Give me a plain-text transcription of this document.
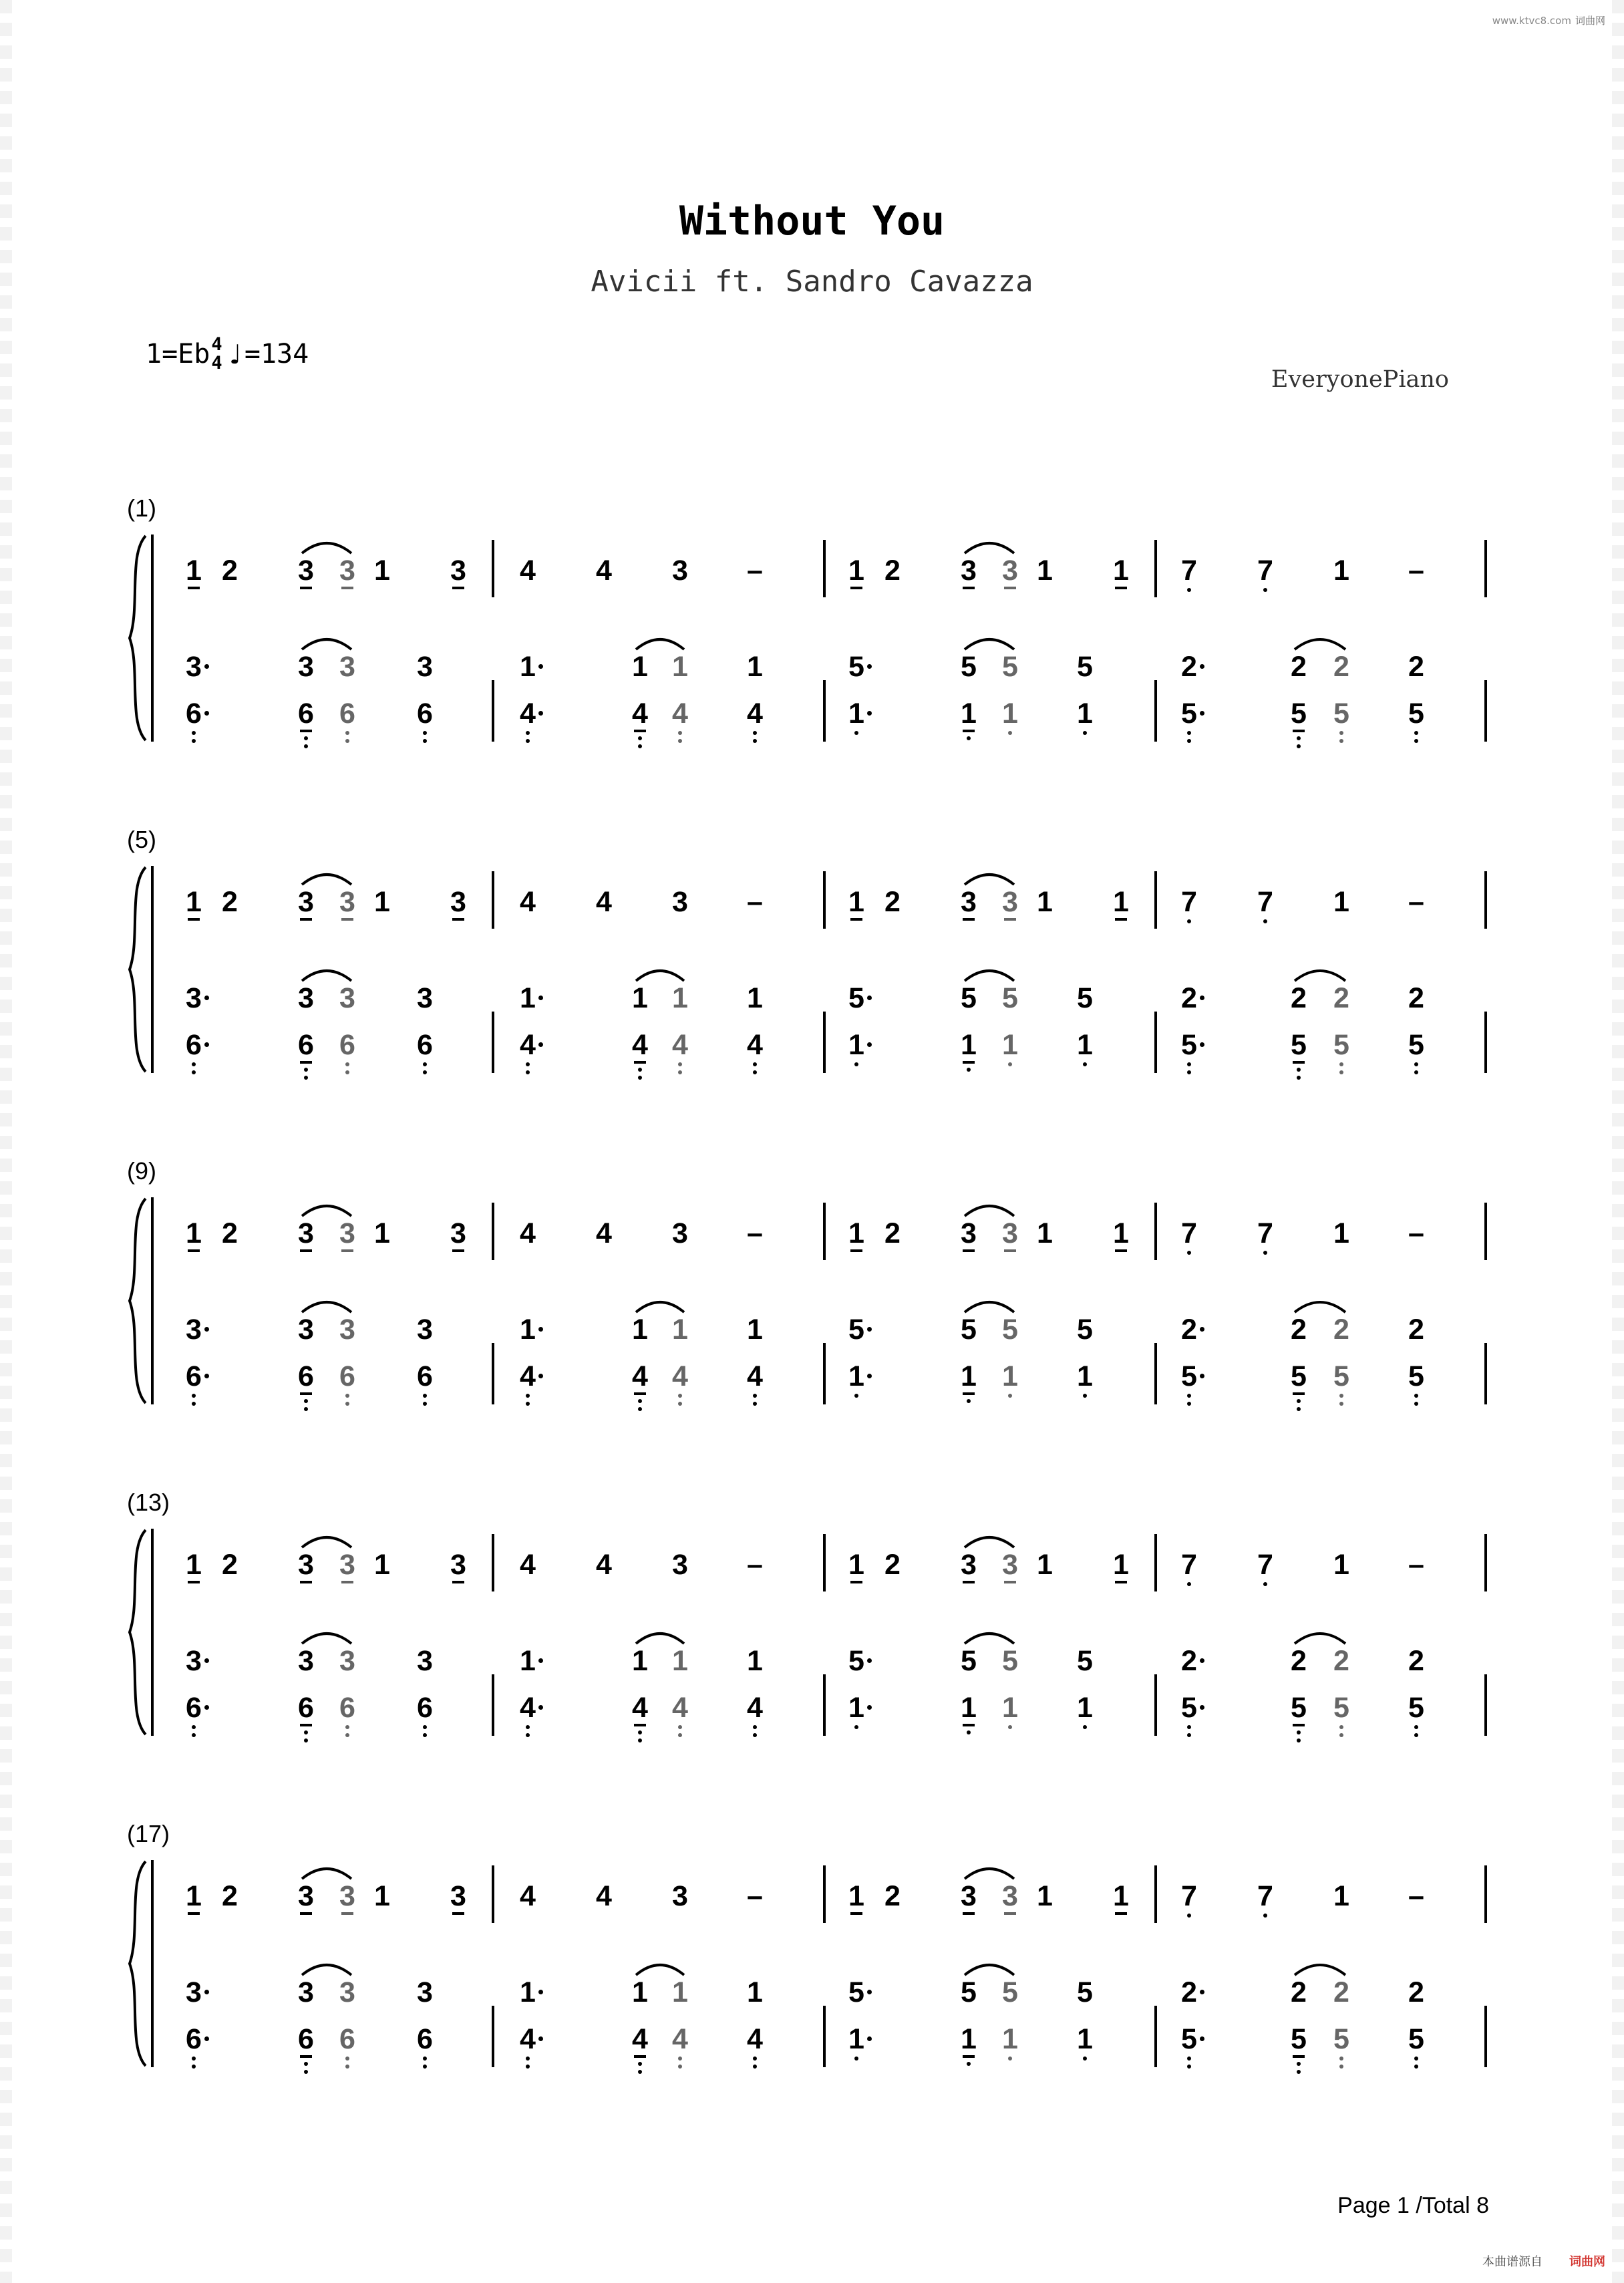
www.ktvc8.com 词曲网
Without You
Avicii ft. Sandro Cavazza
1=Eb 4
4 ♩ =134
EveryonePiano
(1)
1 2 3 3 1 3 4 4 3 –	1 2 3 3 1 1 7 7 1 –
3	3 3 3	1	1 1 1	5	5 5 5	2	2 2 2
6	6 6 6	4	4 4 4	1	1 1 1	5	5 5 5
(5)
1 2 3 3 1 3 4 4 3 –	1 2 3 3 1 1 7 7 1 –
3	3 3 3	1	1 1 1	5	5 5 5	2	2 2 2
6	6 6 6	4	4 4 4	1	1 1 1	5	5 5 5
(9)
1 2 3 3 1 3 4 4 3 –	1 2 3 3 1 1 7 7 1 –
3	3 3 3	1	1 1 1	5	5 5 5	2	2 2 2
6	6 6 6	4	4 4 4	1	1 1 1	5	5 5 5
(13)
1 2 3 3 1 3 4 4 3 –	1 2 3 3 1 1 7 7 1 –
3	3 3 3	1	1 1 1	5	5 5 5	2	2 2 2
6	6 6 6	4	4 4 4	1	1 1 1	5	5 5 5
(17)
1 2 3 3 1 3 4 4 3 –	1 2 3 3 1 1 7 7 1 –
3	3 3 3	1	1 1 1	5	5 5 5	2	2 2 2
6	6 6 6	4	4 4 4	1	1 1 1	5	5 5 5
Page 1 /Total 8
本曲谱源自 词曲网
